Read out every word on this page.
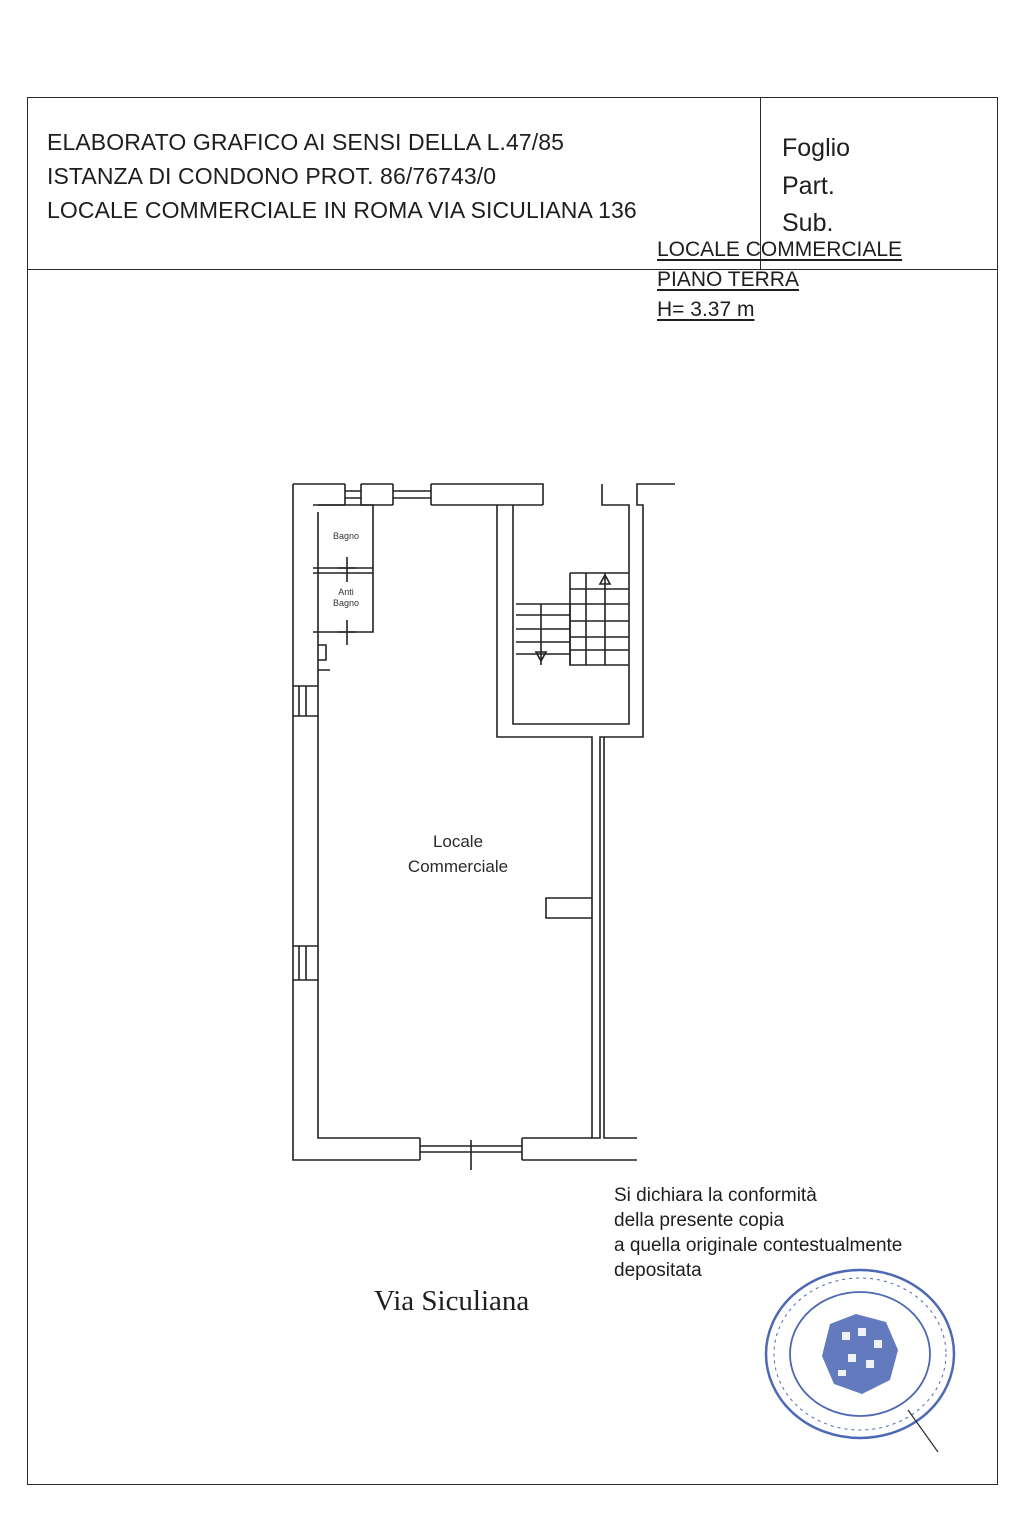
ELABORATO GRAFICO AI SENSI DELLA L.47/85
ISTANZA DI CONDONO PROT. 86/76743/0
LOCALE COMMERCIALE IN ROMA VIA SICULIANA 136
Foglio
Part.
Sub.
LOCALE COMMERCIALE
PIANO TERRA
H= 3.37 m
Bagno
Anti
Bagno
Locale
Commerciale
Via Siculiana
Si dichiara la conformità
della presente copia
a quella originale contestualmente
depositata
